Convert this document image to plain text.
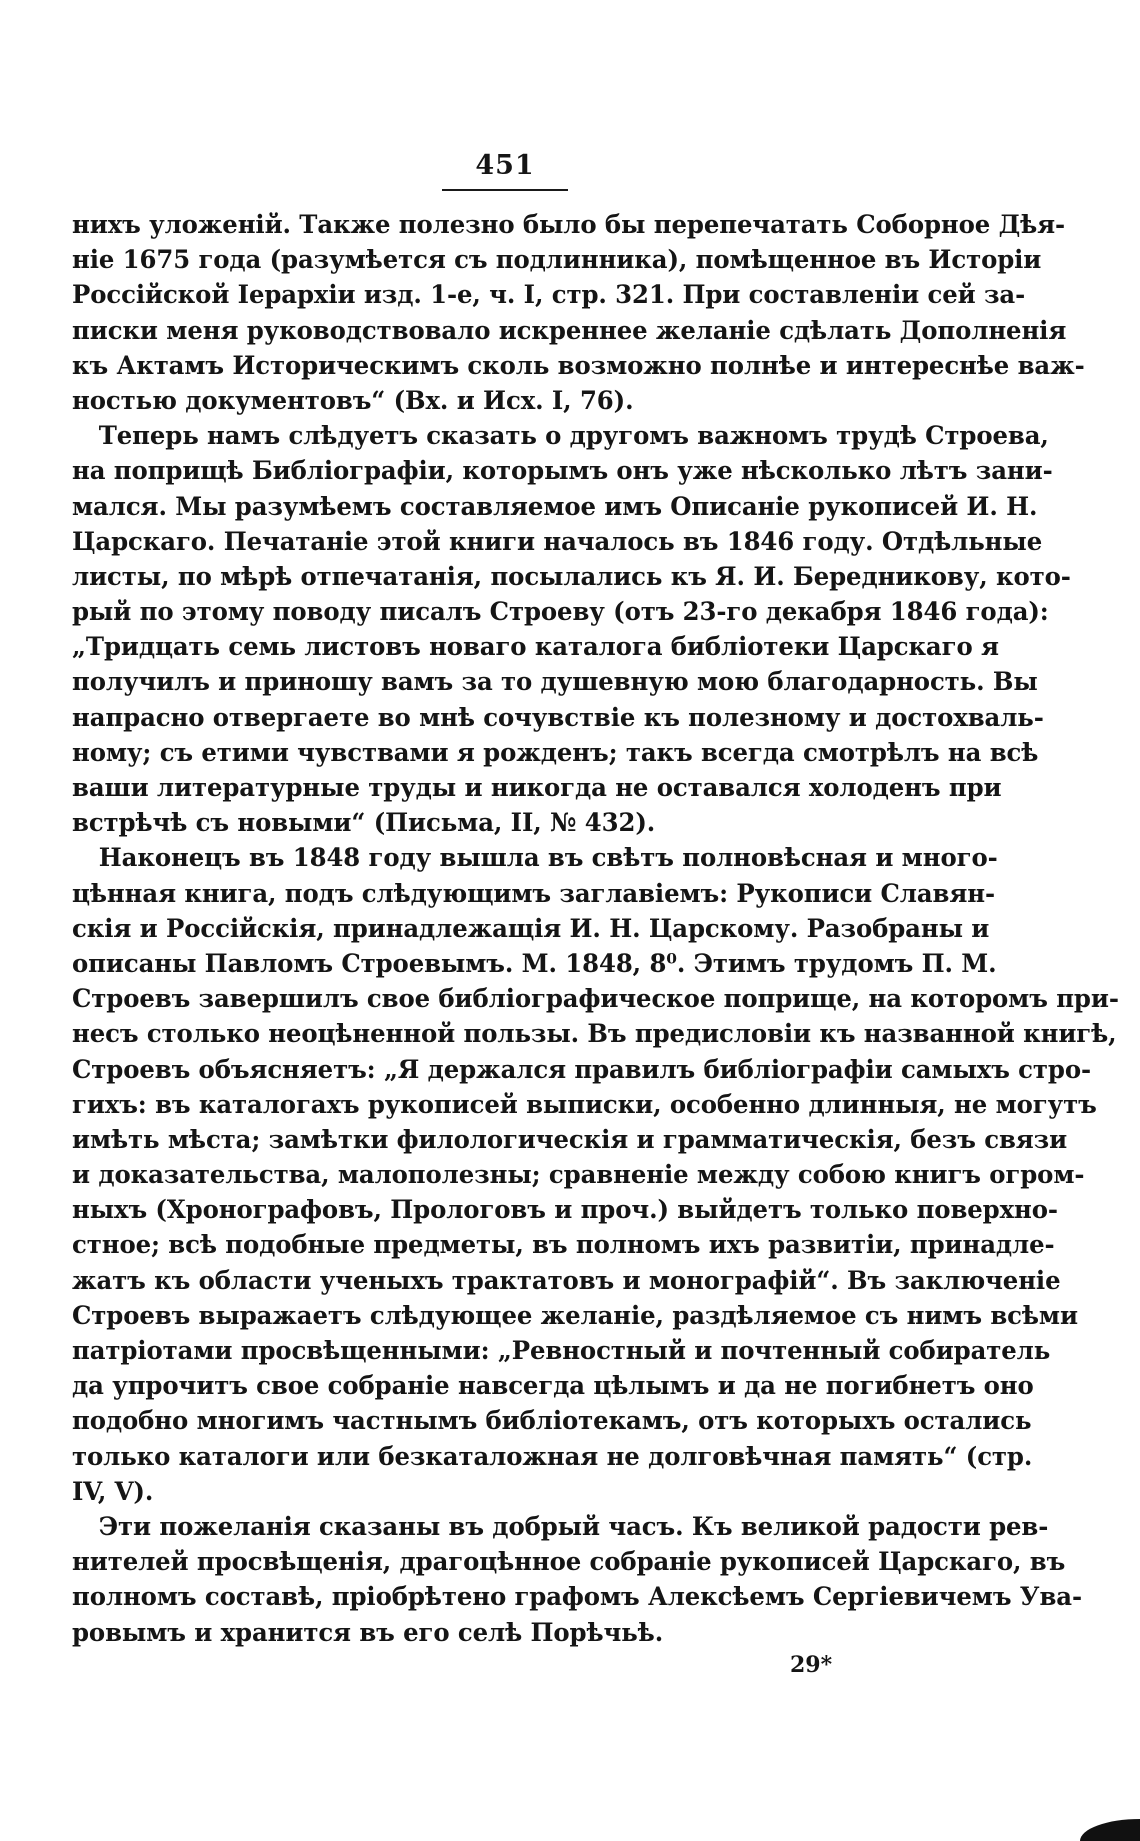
451
нихъ уложеній. Также полезно было бы перепечатать Соборное Дѣя-
ніе 1675 года (разумѣется съ подлинника), помѣщенное въ Исторіи
Россійской Іерархіи изд. 1-е, ч. I, стр. 321. При составленіи сей за-
писки меня руководствовало искреннее желаніе сдѣлать Дополненія
къ Актамъ Историческимъ сколь возможно полнѣе и интереснѣе важ-
ностью документовъ“ (Вх. и Исх. I, 76).
Теперь намъ слѣдуетъ сказать о другомъ важномъ трудѣ Строева,
на поприщѣ Библіографіи, которымъ онъ уже нѣсколько лѣтъ зани-
мался. Мы разумѣемъ составляемое имъ Описаніе рукописей И. Н.
Царскаго. Печатаніе этой книги началось въ 1846 году. Отдѣльные
листы, по мѣрѣ отпечатанія, посылались къ Я. И. Бередникову, кото-
рый по этому поводу писалъ Строеву (отъ 23-го декабря 1846 года):
„Тридцать семь листовъ новаго каталога библіотеки Царскаго я
получилъ и приношу вамъ за то душевную мою благодарность. Вы
напрасно отвергаете во мнѣ сочувствіе къ полезному и достохваль-
ному; съ етими чувствами я рожденъ; такъ всегда смотрѣлъ на всѣ
ваши литературные труды и никогда не оставался холоденъ при
встрѣчѣ съ новыми“ (Письма, II, № 432).
Наконецъ въ 1848 году вышла въ свѣтъ полновѣсная и много-
цѣнная книга, подъ слѣдующимъ заглавіемъ: Рукописи Славян-
скія и Россійскія, принадлежащія И. Н. Царскому. Разобраны и
описаны Павломъ Строевымъ. М. 1848, 8⁰. Этимъ трудомъ П. М.
Строевъ завершилъ свое библіографическое поприще, на которомъ при-
несъ столько неоцѣненной пользы. Въ предисловіи къ названной книгѣ,
Строевъ объясняетъ: „Я держался правилъ библіографіи самыхъ стро-
гихъ: въ каталогахъ рукописей выписки, особенно длинныя, не могутъ
имѣть мѣста; замѣтки филологическія и грамматическія, безъ связи
и доказательства, малополезны; сравненіе между собою книгъ огром-
ныхъ (Хронографовъ, Прологовъ и проч.) выйдетъ только поверхно-
стное; всѣ подобные предметы, въ полномъ ихъ развитіи, принадле-
жатъ къ области ученыхъ трактатовъ и монографій“. Въ заключеніе
Строевъ выражаетъ слѣдующее желаніе, раздѣляемое съ нимъ всѣми
патріотами просвѣщенными: „Ревностный и почтенный собиратель
да упрочитъ свое собраніе навсегда цѣлымъ и да не погибнетъ оно
подобно многимъ частнымъ библіотекамъ, отъ которыхъ остались
только каталоги или безкаталожная не долговѣчная память“ (стр.
IV, V).
Эти пожеланія сказаны въ добрый часъ. Къ великой радости рев-
нителей просвѣщенія, драгоцѣнное собраніе рукописей Царскаго, въ
полномъ составѣ, пріобрѣтено графомъ Алексѣемъ Сергіевичемъ Ува-
ровымъ и хранится въ его селѣ Порѣчьѣ.
29*
